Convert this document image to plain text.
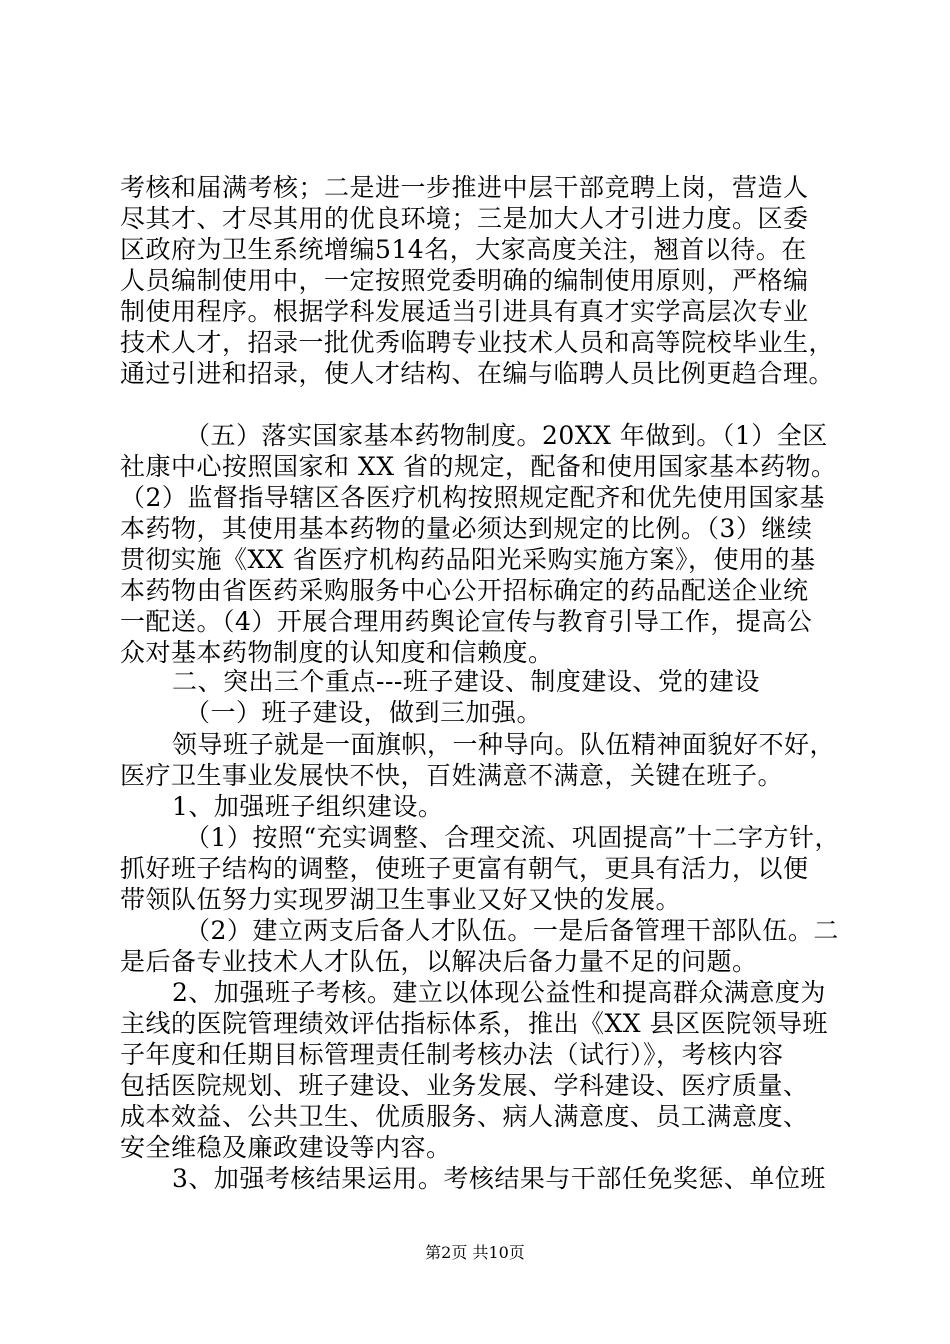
考核和届满考核；二是进一步推进中层干部竞聘上岗，营造人
尽其才、才尽其用的优良环境；三是加大人才引进力度。区委
区政府为卫生系统增编514名，大家高度关注，翘首以待。在
人员编制使用中，一定按照党委明确的编制使用原则，严格编
制使用程序。根据学科发展适当引进具有真才实学高层次专业
技术人才，招录一批优秀临聘专业技术人员和高等院校毕业生，
通过引进和招录，使人才结构、在编与临聘人员比例更趋合理。
（五）落实国家基本药物制度。20XX 年做到。（1）全区
社康中心按照国家和 XX 省的规定，配备和使用国家基本药物。
（2）监督指导辖区各医疗机构按照规定配齐和优先使用国家基
本药物，其使用基本药物的量必须达到规定的比例。（3）继续
贯彻实施《XX 省医疗机构药品阳光采购实施方案》，使用的基
本药物由省医药采购服务中心公开招标确定的药品配送企业统
一配送。（4）开展合理用药舆论宣传与教育引导工作，提高公
众对基本药物制度的认知度和信赖度。
二、突出三个重点---班子建设、制度建设、党的建设
（一）班子建设，做到三加强。
领导班子就是一面旗帜，一种导向。队伍精神面貌好不好，
医疗卫生事业发展快不快，百姓满意不满意，关键在班子。
1、加强班子组织建设。
（1）按照“充实调整、合理交流、巩固提高”十二字方针，
抓好班子结构的调整，使班子更富有朝气，更具有活力，以便
带领队伍努力实现罗湖卫生事业又好又快的发展。
（2）建立两支后备人才队伍。一是后备管理干部队伍。二
是后备专业技术人才队伍，以解决后备力量不足的问题。
2、加强班子考核。建立以体现公益性和提高群众满意度为
主线的医院管理绩效评估指标体系，推出《XX 县区医院领导班
子年度和任期目标管理责任制考核办法（试行）》，考核内容
包括医院规划、班子建设、业务发展、学科建设、医疗质量、
成本效益、公共卫生、优质服务、病人满意度、员工满意度、
安全维稳及廉政建设等内容。
3、加强考核结果运用。考核结果与干部任免奖惩、单位班
第2页 共10页
